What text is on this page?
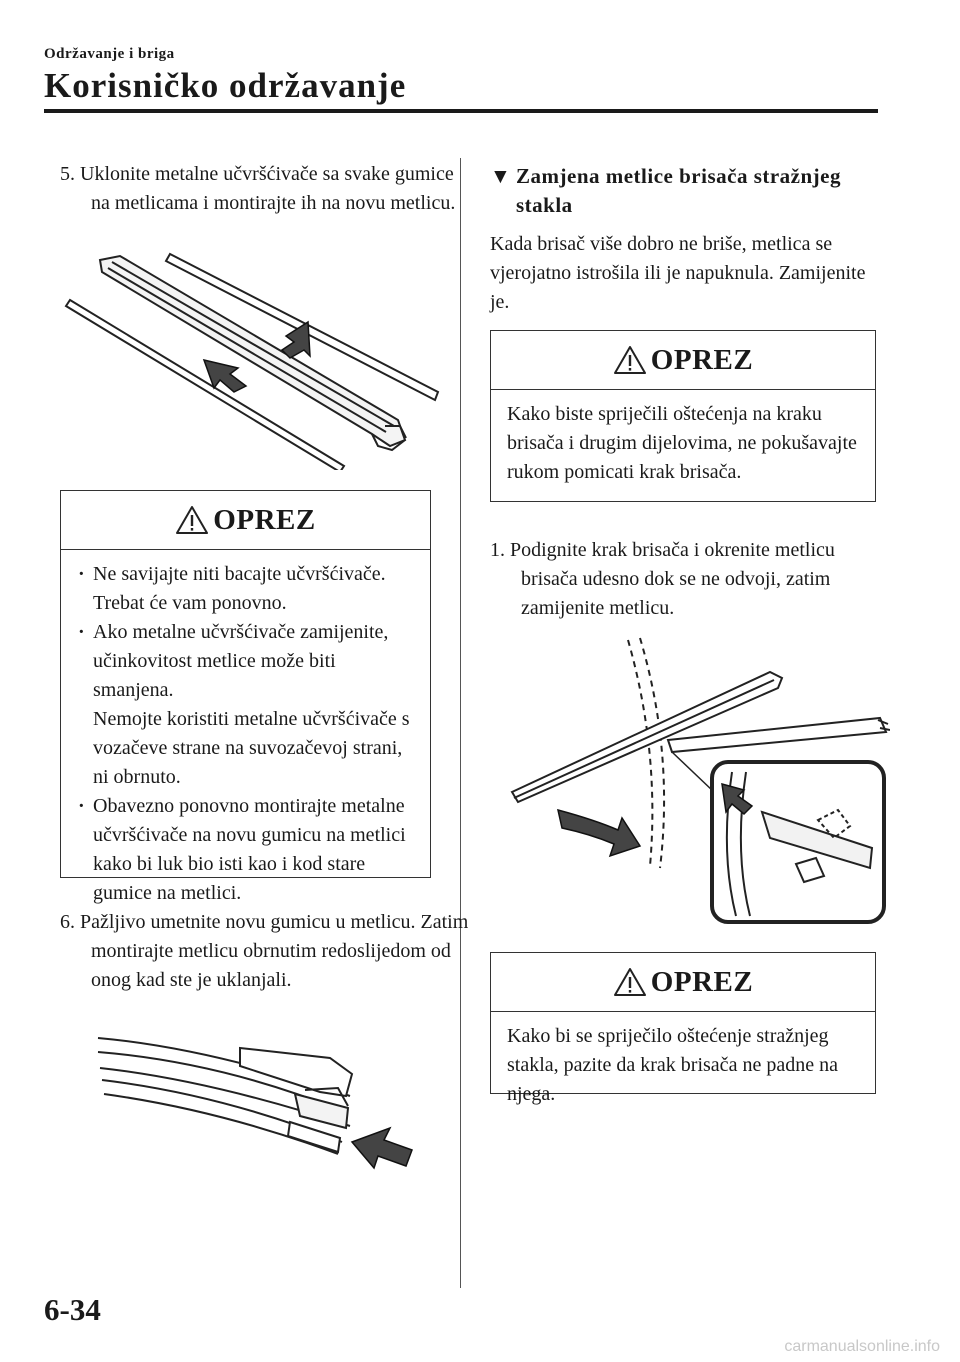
Održavanje i briga
Korisničko održavanje
5. Uklonite metalne učvršćivače sa svake gumice na metlicama i montirajte ih na novu metlicu.
OPREZ
· Ne savijajte niti bacajte učvršćivače. Trebat će vam ponovno.
· Ako metalne učvršćivače zamijenite, učinkovitost metlice može biti smanjena.
Nemojte koristiti metalne učvršćivače s vozačeve strane na suvozačevoj strani, ni obrnuto.
· Obavezno ponovno montirajte metalne učvršćivače na novu gumicu na metlici kako bi luk bio isti kao i kod stare gumice na metlici.
6. Pažljivo umetnite novu gumicu u metlicu. Zatim montirajte metlicu obrnutim redoslijedom od onog kad ste je uklanjali.
▼ Zamjena metlice brisača stražnjeg stakla
Kada brisač više dobro ne briše, metlica se vjerojatno istrošila ili je napuknula. Zamijenite je.
OPREZ
Kako biste spriječili oštećenja na kraku brisača i drugim dijelovima, ne pokušavajte rukom pomicati krak brisača.
1. Podignite krak brisača i okrenite metlicu brisača udesno dok se ne odvoji, zatim zamijenite metlicu.
OPREZ
Kako bi se spriječilo oštećenje stražnjeg stakla, pazite da krak brisača ne padne na njega.
6-34
carmanualsonline.info
